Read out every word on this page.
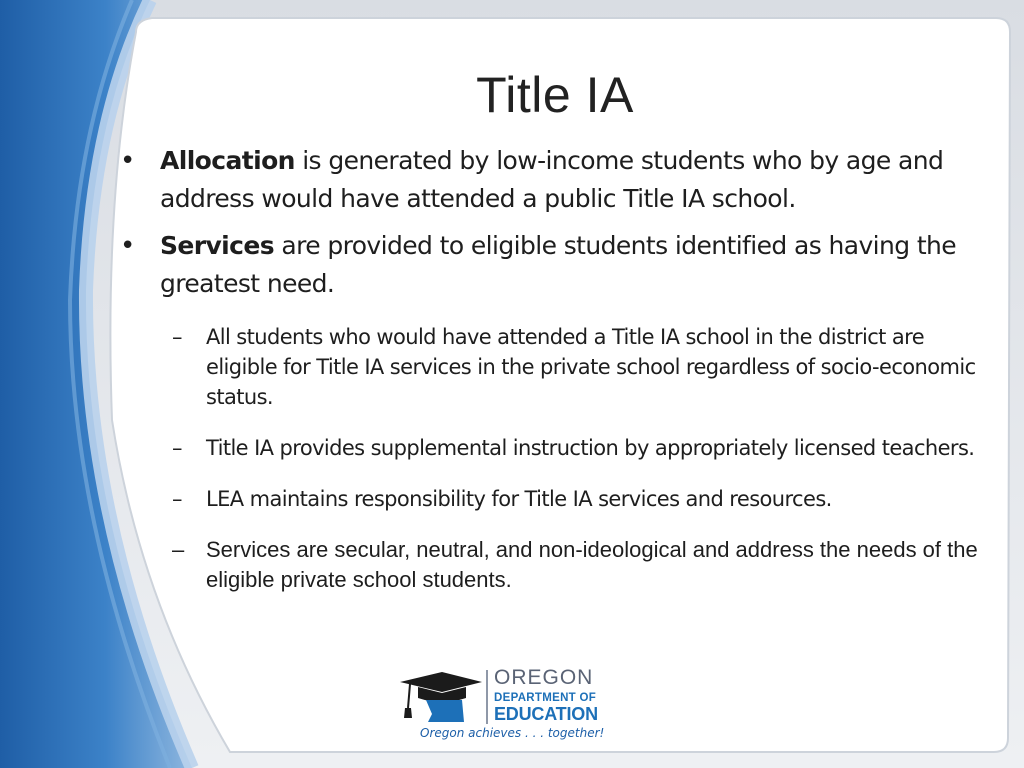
Title IA
• Allocation is generated by low-income students who by age and address would have attended a public Title IA school.
• Services are provided to eligible students identified as having the greatest need.
– All students who would have attended a Title IA school in the district are eligible for Title IA services in the private school regardless of socio-economic status.
– Title IA provides supplemental instruction by appropriately licensed teachers.
– LEA maintains responsibility for Title IA services and resources.
– Services are secular, neutral, and non-ideological and address the needs of the eligible private school students.
OREGON
DEPARTMENT OF
EDUCATION
Oregon achieves . . . together!
